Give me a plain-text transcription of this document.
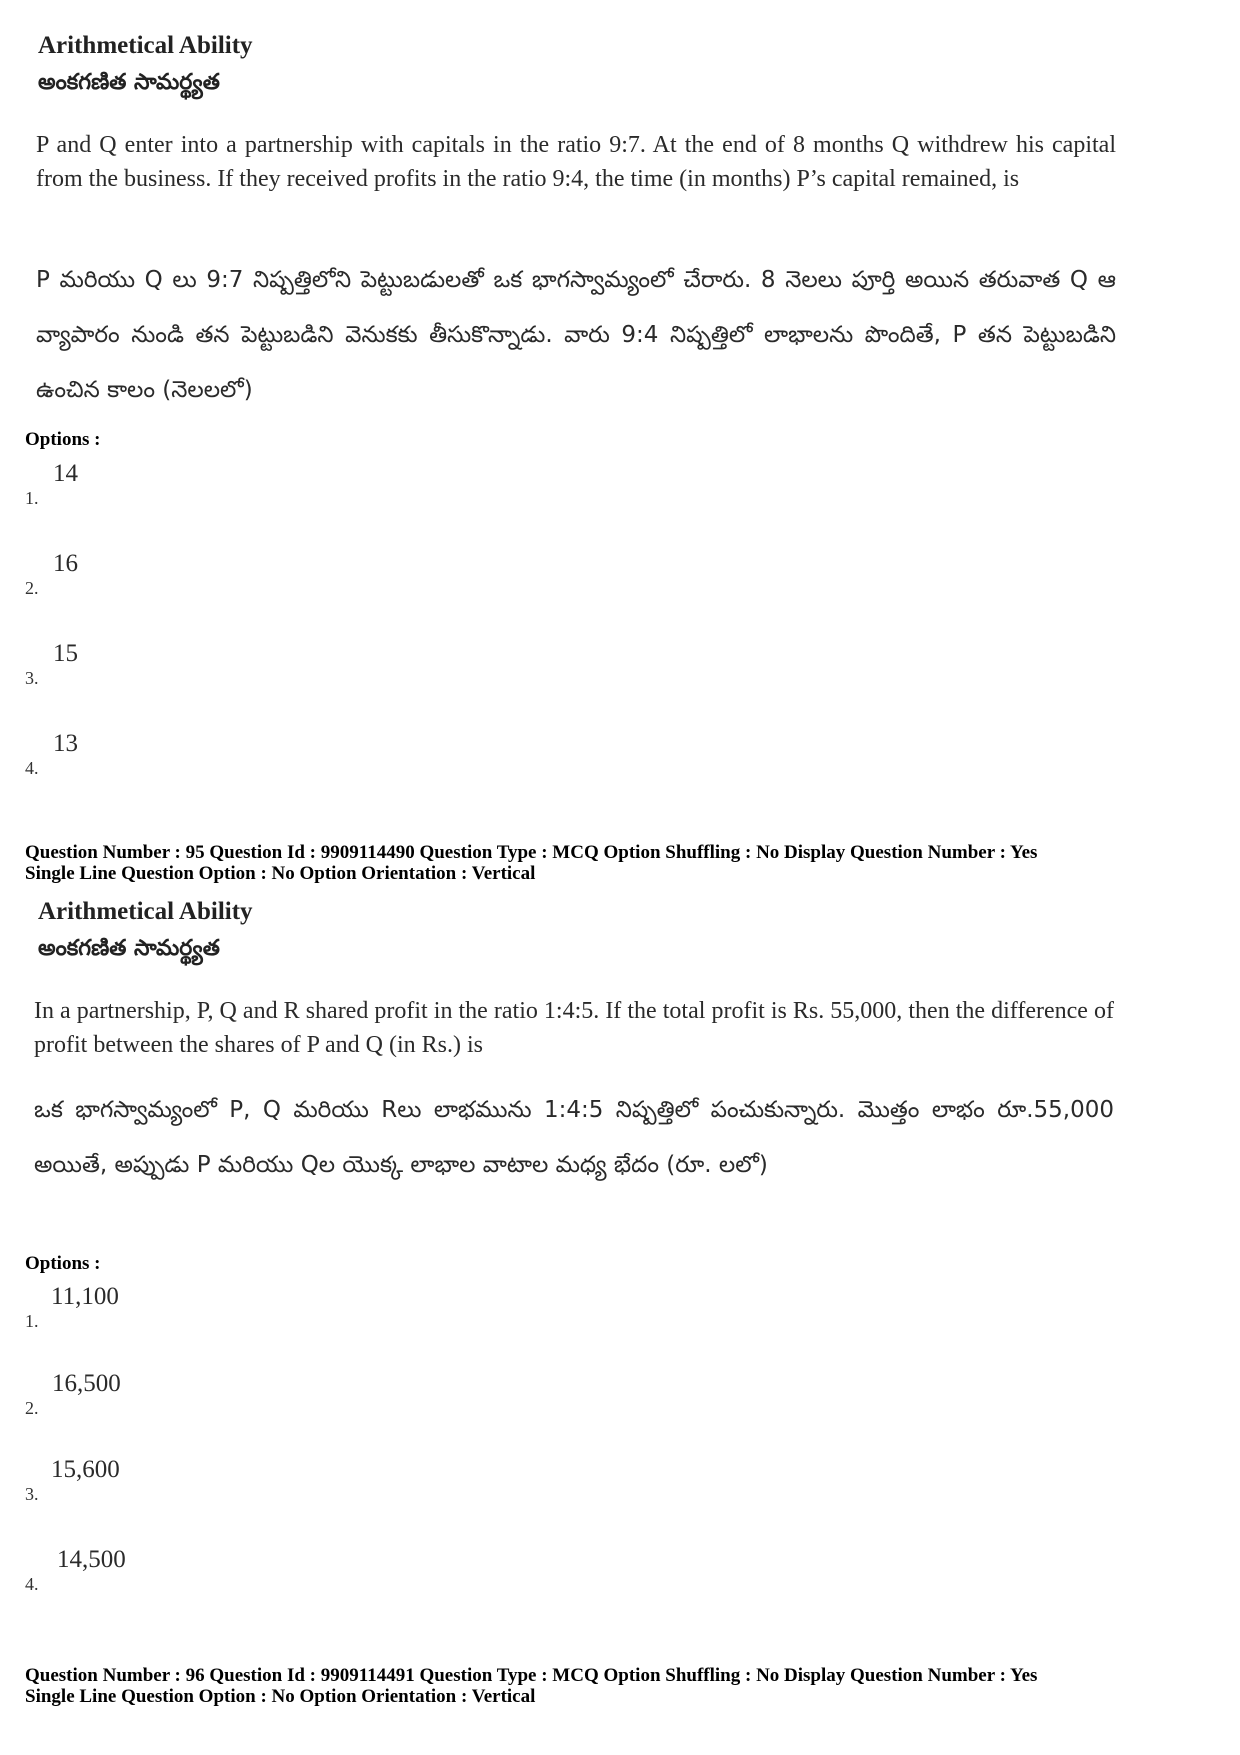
Arithmetical Ability
అంకగణిత సామర్థ్యత
P and Q enter into a partnership with capitals in the ratio 9:7. At the end of 8 months Q withdrew his capital from the business. If they received profits in the ratio 9:4, the time (in months) P’s capital remained, is
P మరియు Q లు 9:7 నిష్పత్తిలోని పెట్టుబడులతో ఒక భాగస్వామ్యంలో చేరారు. 8 నెలలు పూర్తి అయిన తరువాత Q ఆ వ్యాపారం నుండి తన పెట్టుబడిని వెనుకకు తీసుకొన్నాడు. వారు 9:4 నిష్పత్తిలో లాభాలను పొందితే, P తన పెట్టుబడిని ఉంచిన కాలం (నెలలలో)
Options :
1.
14
2.
16
3.
15
4.
13
Question Number : 95 Question Id : 9909114490 Question Type : MCQ Option Shuffling : No Display Question Number : Yes
Single Line Question Option : No Option Orientation : Vertical
Arithmetical Ability
అంకగణిత సామర్థ్యత
In a partnership, P, Q and R shared profit in the ratio 1:4:5. If the total profit is Rs. 55,000, then the difference of profit between the shares of P and Q (in Rs.) is
ఒక భాగస్వామ్యంలో P, Q మరియు Rలు లాభమును 1:4:5 నిష్పత్తిలో పంచుకున్నారు. మొత్తం లాభం రూ.55,000 అయితే, అప్పుడు P మరియు Qల యొక్క లాభాల వాటాల మధ్య భేదం (రూ. లలో)
Options :
1.
11,100
2.
16,500
3.
15,600
4.
14,500
Question Number : 96 Question Id : 9909114491 Question Type : MCQ Option Shuffling : No Display Question Number : Yes
Single Line Question Option : No Option Orientation : Vertical
